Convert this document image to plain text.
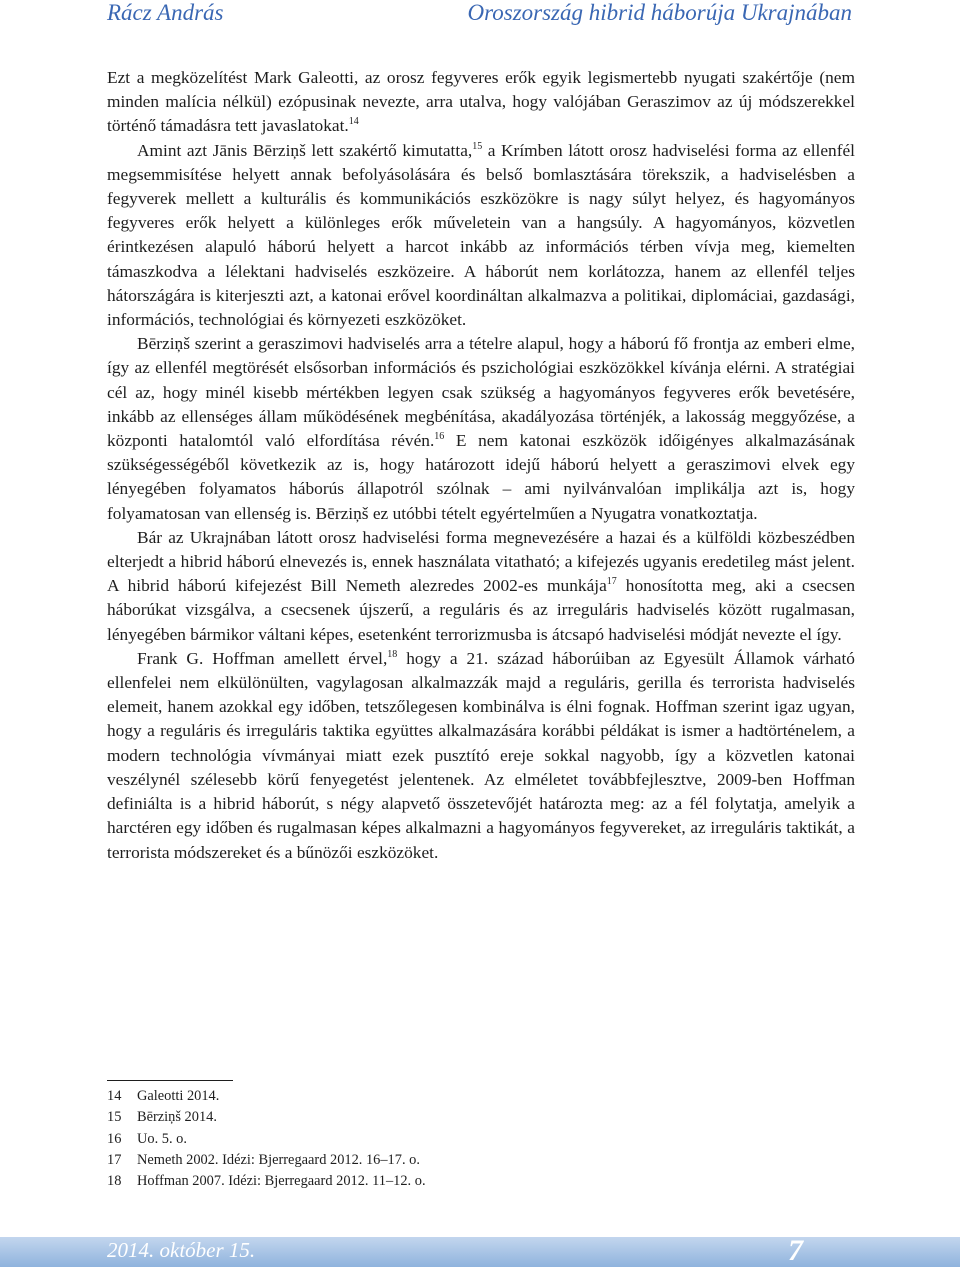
Rácz András	Oroszország hibrid háborúja Ukrajnában

Ezt a megközelítést Mark Galeotti, az orosz fegyveres erők egyik legismertebb nyugati szakértője (nem minden malícia nélkül) ezópusinak nevezte, arra utalva, hogy valójában Geraszimov az új módszerekkel történő támadásra tett javaslatokat.$^{14}$

Amint azt Jānis Bērziņš lett szakértő kimutatta,$^{15}$ a Krímben látott orosz hadviselési forma az ellenfél megsemmisítése helyett annak befolyásolására és belső bomlasztására törekszik, a hadviselésben a fegyverek mellett a kulturális és kommunikációs eszközökre is nagy súlyt helyez, és hagyományos fegyveres erők helyett a különleges erők műveletein van a hangsúly. A hagyományos, közvetlen érintkezésen alapuló háború helyett a harcot inkább az információs térben vívja meg, kiemelten támaszkodva a lélektani hadviselés eszközeire. A háborút nem korlátozza, hanem az ellenfél teljes hátországára is kiterjeszti azt, a katonai erővel koordináltan alkalmazva a politikai, diplomáciai, gazdasági, információs, technológiai és környezeti eszközöket.

Bērziņš szerint a geraszimovi hadviselés arra a tételre alapul, hogy a háború fő frontja az emberi elme, így az ellenfél megtörését elsősorban információs és pszichológiai eszközökkel kívánja elérni. A stratégiai cél az, hogy minél kisebb mértékben legyen csak szükség a hagyományos fegyveres erők bevetésére, inkább az ellenséges állam működésének megbénítása, akadályozása történjék, a lakosság meggyőzése, a központi hatalomtól való elfordítása révén.$^{16}$ E nem katonai eszközök időigényes alkalmazásának szükségességéből következik az is, hogy határozott idejű háború helyett a geraszimovi elvek egy lényegében folyamatos háborús állapotról szólnak – ami nyilvánvalóan implikálja azt is, hogy folyamatosan van ellenség is. Bērziņš ez utóbbi tételt egyértelműen a Nyugatra vonatkoztatja.

Bár az Ukrajnában látott orosz hadviselési forma megnevezésére a hazai és a külföldi közbeszédben elterjedt a hibrid háború elnevezés is, ennek használata vitatható; a kifejezés ugyanis eredetileg mást jelent. A hibrid háború kifejezést Bill Nemeth alezredes 2002-es munkája$^{17}$ honosította meg, aki a csecsen háborúkat vizsgálva, a csecsenek újszerű, a reguláris és az irreguláris hadviselés között rugalmasan, lényegében bármikor váltani képes, esetenként terrorizmusba is átcsapó hadviselési módját nevezte el így.

Frank G. Hoffman amellett érvel,$^{18}$ hogy a 21. század háborúiban az Egyesült Államok várható ellenfelei nem elkülönülten, vagylagosan alkalmazzák majd a reguláris, gerilla és terrorista hadviselés elemeit, hanem azokkal egy időben, tetszőlegesen kombinálva is élni fognak. Hoffman szerint igaz ugyan, hogy a reguláris és irreguláris taktika együttes alkalmazására korábbi példákat is ismer a hadtörténelem, a modern technológia vívmányai miatt ezek pusztító ereje sokkal nagyobb, így a közvetlen katonai veszélynél szélesebb körű fenyegetést jelentenek. Az elméletet továbbfejlesztve, 2009-ben Hoffman definiálta is a hibrid háborút, s négy alapvető összetevőjét határozta meg: az a fél folytatja, amelyik a harctéren egy időben és rugalmasan képes alkalmazni a hagyományos fegyvereket, az irreguláris taktikát, a terrorista módszereket és a bűnözői eszközöket.

14 Galeotti 2014.
15 Bērziņš 2014.
16 Uo. 5. o.
17 Nemeth 2002. Idézi: Bjerregaard 2012. 16–17. o.
18 Hoffman 2007. Idézi: Bjerregaard 2012. 11–12. o.
2014. október 15.	7
